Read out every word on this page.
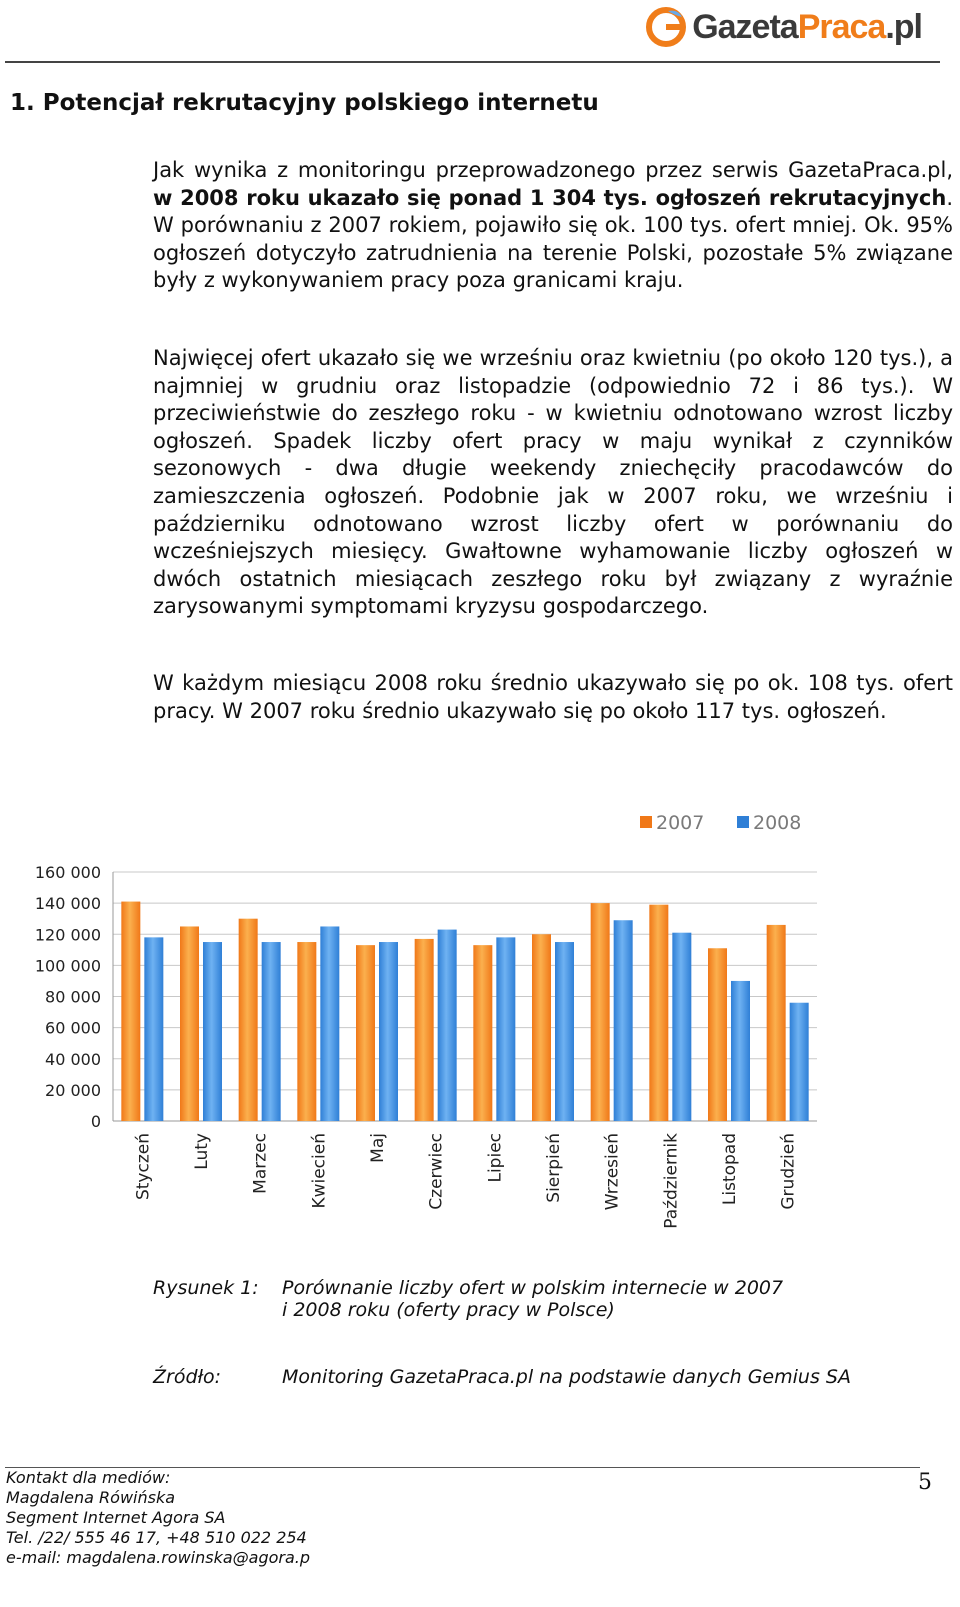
GazetaPraca.pl
1. Potencjał rekrutacyjny polskiego internetu

Jak wynika z monitoringu przeprowadzonego przez serwis GazetaPraca.pl, w 2008 roku ukazało się ponad 1 304 tys. ogłoszeń rekrutacyjnych. W porównaniu z 2007 rokiem, pojawiło się ok. 100 tys. ofert mniej. Ok. 95% ogłoszeń dotyczyło zatrudnienia na terenie Polski, pozostałe 5% związane były z wykonywaniem pracy poza granicami kraju.

Najwięcej ofert ukazało się we wrześniu oraz kwietniu (po około 120 tys.), a najmniej w grudniu oraz listopadzie (odpowiednio 72 i 86 tys.). W przeciwieństwie do zeszłego roku - w kwietniu odnotowano wzrost liczby ogłoszeń. Spadek liczby ofert pracy w maju wynikał z czynników sezonowych - dwa długie weekendy zniechęciły pracodawców do zamieszczenia ogłoszeń. Podobnie jak w 2007 roku, we wrześniu i październiku odnotowano wzrost liczby ofert w porównaniu do wcześniejszych miesięcy. Gwałtowne wyhamowanie liczby ogłoszeń w dwóch ostatnich miesiącach zeszłego roku był związany z wyraźnie zarysowanymi symptomami kryzysu gospodarczego.

W każdym miesiącu 2008 roku średnio ukazywało się po ok. 108 tys. ofert pracy. W 2007 roku średnio ukazywało się po około 117 tys. ogłoszeń.

0
20 000
40 000
60 000
80 000
100 000
120 000
140 000
160 000
Styczeń Luty Marzec Kwiecień Maj Czerwiec Lipiec Sierpień Wrzesień Październik Listopad Grudzień
2007	2008
Rysunek 1: Porównanie liczby ofert w polskim internecie w 2007
i 2008 roku (oferty pracy w Polsce)
Źródło:	Monitoring GazetaPraca.pl na podstawie danych Gemius SA
Kontakt dla mediów:
Magdalena Rówińska
Segment Internet Agora SA
Tel. /22/ 555 46 17, +48 510 022 254
e-mail: magdalena.rowinska@agora.p
5
